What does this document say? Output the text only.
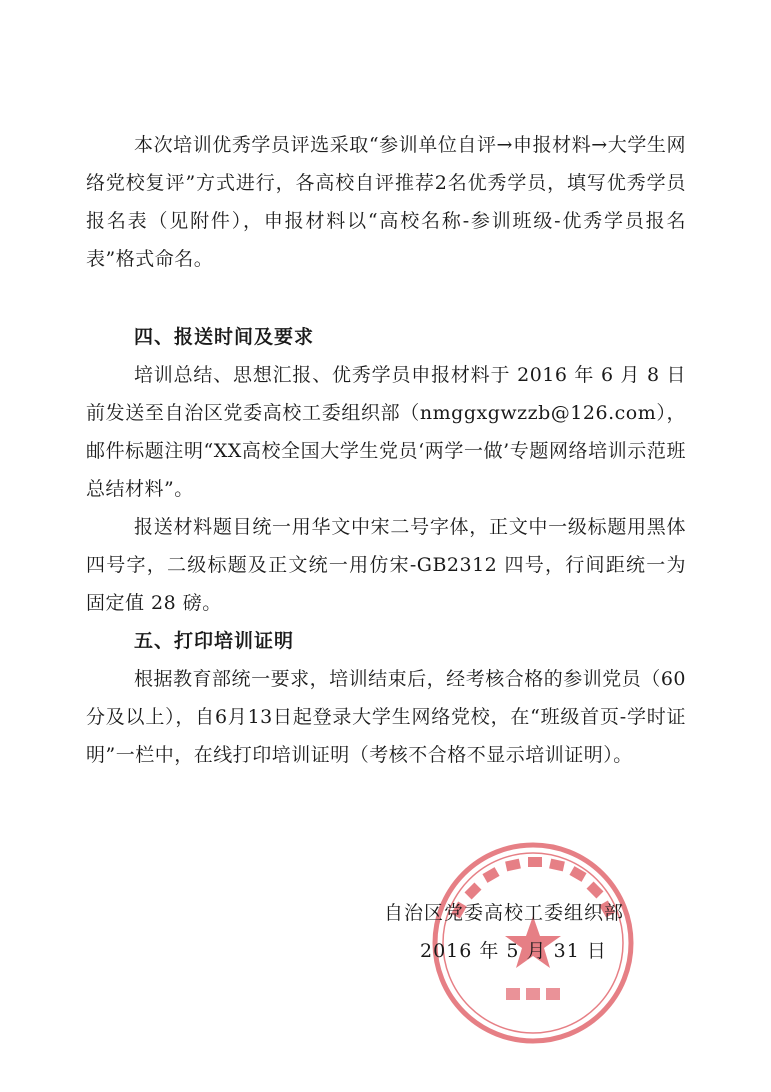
本次培训优秀学员评选采取“参训单位自评→申报材料→大学生网络党校复评”方式进行，各高校自评推荐2名优秀学员，填写优秀学员报名表（见附件），申报材料以“高校名称-参训班级-优秀学员报名表”格式命名。

四、报送时间及要求

培训总结、思想汇报、优秀学员申报材料于 2016 年 6 月 8 日前发送至自治区党委高校工委组织部（nmggxgwzzb@126.com），邮件标题注明“XX高校全国大学生党员‘两学一做’专题网络培训示范班总结材料”。

报送材料题目统一用华文中宋二号字体，正文中一级标题用黑体四号字，二级标题及正文统一用仿宋-GB2312 四号，行间距统一为固定值 28 磅。

五、打印培训证明

根据教育部统一要求，培训结束后，经考核合格的参训党员（60分及以上），自6月13日起登录大学生网络党校，在“班级首页-学时证明”一栏中，在线打印培训证明（考核不合格不显示培训证明）。

自治区党委高校工委组织部
2016 年 5 月 31 日
